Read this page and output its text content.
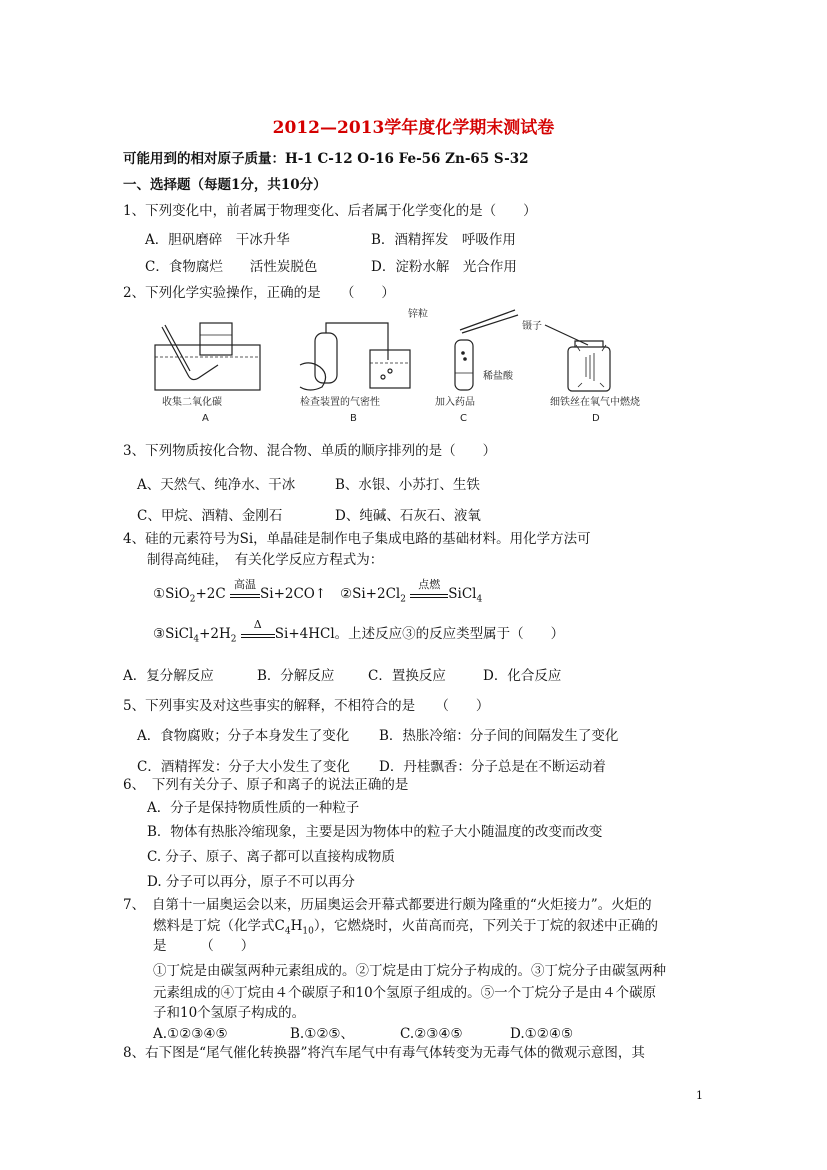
2012—2013学年度化学期末测试卷
可能用到的相对原子质量：H-1 C-12 O-16 Fe-56 Zn-65 S-32
一、选择题（每题1分，共10分）
1、下列变化中，前者属于物理变化、后者属于化学变化的是（　　）
A．胆矾磨碎　干冰升华	B．酒精挥发　呼吸作用
C．食物腐烂　　活性炭脱色	D．淀粉水解　光合作用
2、下列化学实验操作，正确的是　　（　　）
收集二氧化碳
A
检查装置的气密性
B
锌粒
镊子
稀盐酸
加入药品
C
细铁丝在氧气中燃烧
D
3、下列物质按化合物、混合物、单质的顺序排列的是（　　）
A、天然气、纯净水、干冰	B、水银、小苏打、生铁
C、甲烷、酒精、金刚石	D、纯碱、石灰石、液氧
4、硅的元素符号为Si，单晶硅是制作电子集成电路的基础材料。用化学方法可
制得高纯硅，　有关化学反应方程式为：
①SiO$_2$+2C
高温
Si+2CO↑ $②Si+2Cl_2$
点燃
SiCl$_4$
$③SiCl_4+2H_2$
Δ
Si+4HCl。上述反应③的反应类型属于（　　）
A．复分解反应	B．分解反应 C．置换反应	D．化合反应
5、下列事实及对这些事实的解释，不相符合的是　　（　　）
A．食物腐败；分子本身发生了变化 B．热胀冷缩：分子间的间隔发生了变化
C．酒精挥发：分子大小发生了变化 D．丹桂飘香：分子总是在不断运动着
6、　下列有关分子、原子和离子的说法正确的是
A．分子是保持物质性质的一种粒子
B．物体有热胀冷缩现象，主要是因为物体中的粒子大小随温度的改变而改变
C. 分子、原子、离子都可以直接构成物质
D. 分子可以再分，原子不可以再分
7、　自第十一届奥运会以来，历届奥运会开幕式都要进行颇为隆重的“火炬接力”。火炬的
燃料是丁烷（化学式$C_4H_{10}$），它燃烧时，火苗高而亮，下列关于丁烷的叙述中正确的
是　　　（　　）
①丁烷是由碳氢两种元素组成的。②丁烷是由丁烷分子构成的。③丁烷分子由碳氢两种
元素组成的④丁烷由４个碳原子和10个氢原子组成的。⑤一个丁烷分子是由４个碳原
子和10个氢原子构成的。
A.①②③④⑤	B.①②⑤、	C.②③④⑤	D.①②④⑤
8、右下图是“尾气催化转换器”将汽车尾气中有毒气体转变为无毒气体的微观示意图，其
1
